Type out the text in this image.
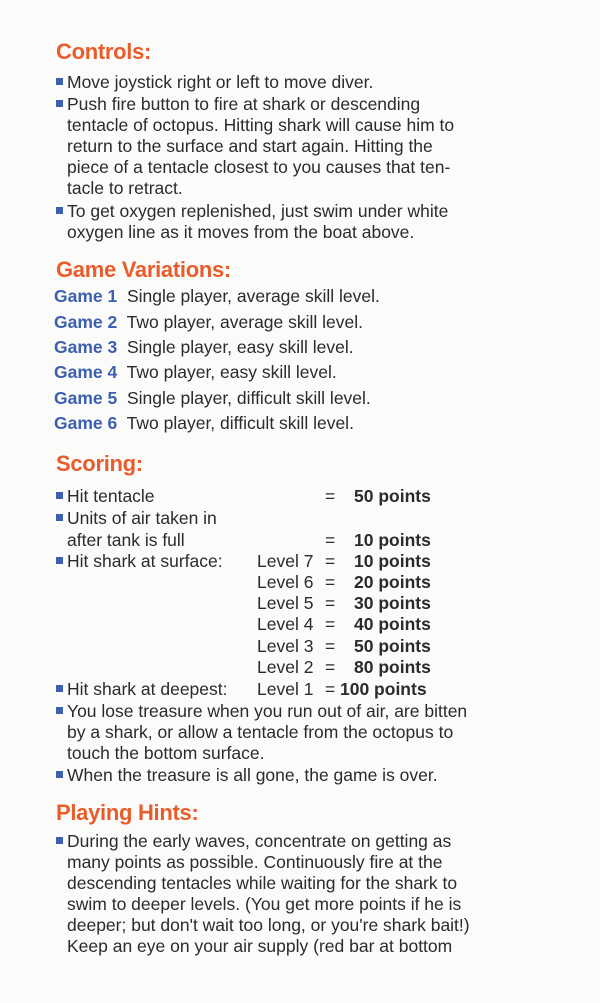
Controls:

Move joystick right or left to move diver.

Push fire button to fire at shark or descending

tentacle of octopus. Hitting shark will cause him to

return to the surface and start again. Hitting the

piece of a tentacle closest to you causes that ten-

tacle to retract.

To get oxygen replenished, just swim under white

oxygen line as it moves from the boat above.

Game Variations:
Game 1 Single player, average skill level.
Game 2 Two player, average skill level.
Game 3 Single player, easy skill level.
Game 4 Two player, easy skill level.
Game 5 Single player, difficult skill level.
Game 6 Two player, difficult skill level.
Scoring:

Hit tentacle	= 50 points

Units of air taken in

after tank is full	= 10 points

Hit shark at surface:	Level 7 = 10 points
Level 6 = 20 points
Level 5 = 30 points
Level 4 = 40 points
Level 3 = 50 points
Level 2 = 80 points

Hit shark at deepest:	Level 1 = 100 points

You lose treasure when you run out of air, are bitten

by a shark, or allow a tentacle from the octopus to

touch the bottom surface.

When the treasure is all gone, the game is over.

Playing Hints:

During the early waves, concentrate on getting as

many points as possible. Continuously fire at the

descending tentacles while waiting for the shark to

swim to deeper levels. (You get more points if he is

deeper; but don't wait too long, or you're shark bait!)

Keep an eye on your air supply (red bar at bottom
